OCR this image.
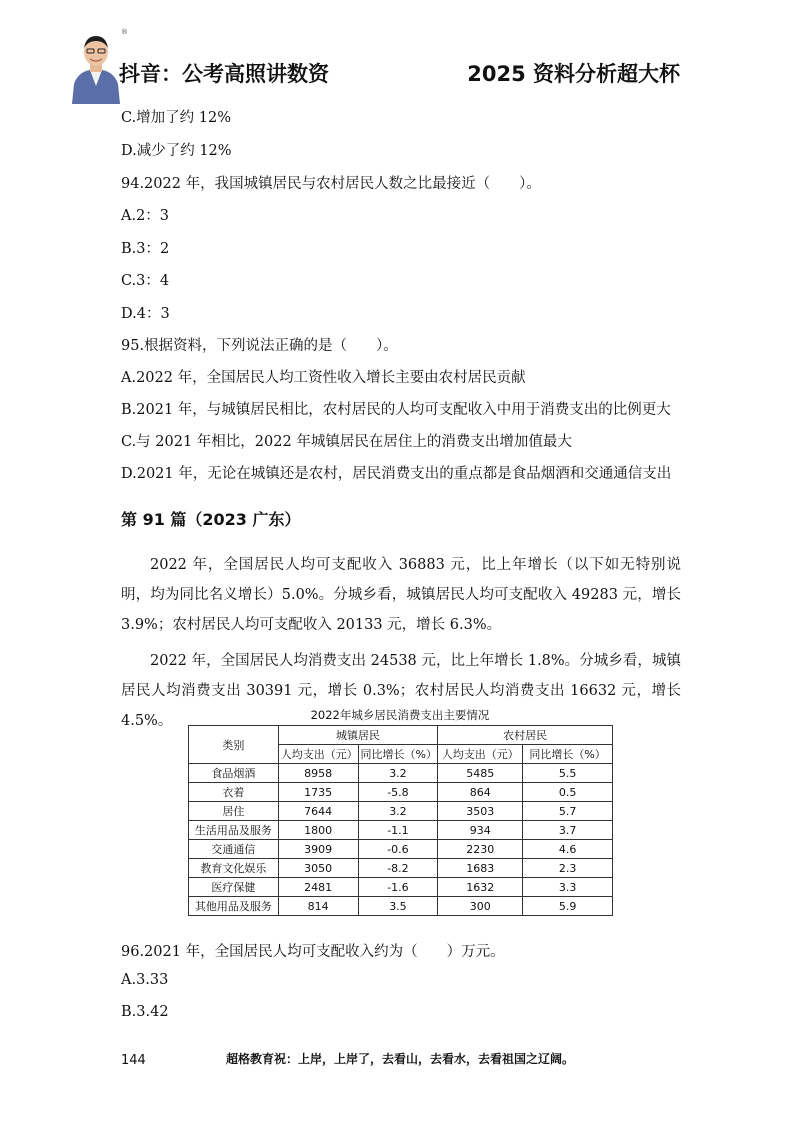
®
抖音：公考高照讲数资	2025 资料分析超大杯
C.增加了约 12%
D.减少了约 12%
94.2022 年，我国城镇居民与农村居民人数之比最接近（　　）。
A.2：3
B.3：2
C.3：4
D.4：3
95.根据资料，下列说法正确的是（　　）。
A.2022 年，全国居民人均工资性收入增长主要由农村居民贡献
B.2021 年，与城镇居民相比，农村居民的人均可支配收入中用于消费支出的比例更大
C.与 2021 年相比，2022 年城镇居民在居住上的消费支出增加值最大
D.2021 年，无论在城镇还是农村，居民消费支出的重点都是食品烟酒和交通通信支出
第 91 篇（2023 广东）
2022 年，全国居民人均可支配收入 36883 元，比上年增长（以下如无特别说明，均为同比名义增长）5.0%。分城乡看，城镇居民人均可支配收入 49283 元，增长 3.9%；农村居民人均可支配收入 20133 元，增长 6.3%。
2022 年，全国居民人均消费支出 24538 元，比上年增长 1.8%。分城乡看，城镇居民人均消费支出 30391 元，增长 0.3%；农村居民人均消费支出 16632 元，增长 4.5%。	2022年城乡居民消费支出主要情况
类别	城镇居民		农村居民	
	人均支出（元）	同比增长（%）	人均支出（元）	同比增长（%）
食品烟酒	8958	3.2	5485	5.5
衣着	1735	-5.8	864	0.5
居住	7644	3.2	3503	5.7
生活用品及服务	1800	-1.1	934	3.7
交通通信	3909	-0.6	2230	4.6
教育文化娱乐	3050	-8.2	1683	2.3
医疗保健	2481	-1.6	1632	3.3
其他用品及服务	814	3.5	300	5.9
96.2021 年，全国居民人均可支配收入约为（　　）万元。
A.3.33
B.3.42
144	超格教育祝：上岸，上岸了，去看山，去看水，去看祖国之辽阔。
